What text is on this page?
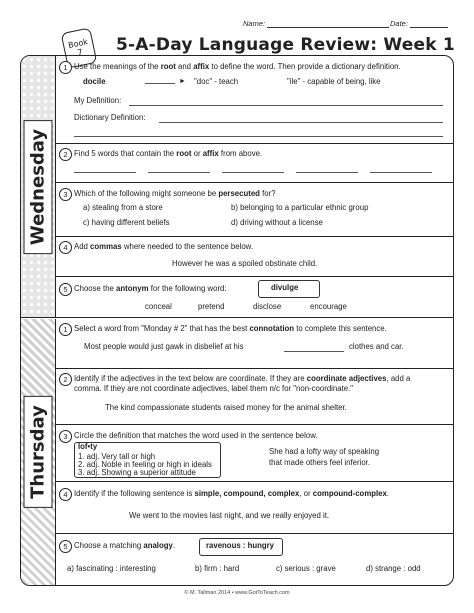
Name:	Date:
Book
7 5-A-Day Language Review: Week 1
Wednesday
Thursday
1 Use the meanings of the root and affix to define the word. Then provide a dictionary definition.
docile	► "doc" - teach	"ile" - capable of being, like
My Definition:
Dictionary Definition:
2 Find 5 words that contain the root or affix from above.
3 Which of the following might someone be persecuted for?
a) stealing from a store	b) belonging to a particular ethnic group
c) having different beliefs	d) driving without a license
4 Add commas where needed to the sentence below.
However he was a spoiled obstinate child.
5 Choose the antonym for the following word:	divulge
conceal	pretend	disclose	encourage
1 Select a word from "Monday # 2" that has the best connotation to complete this sentence.
Most people would just gawk in disbelief at his	clothes and car.
2 Identify if the adjectives in the text below are coordinate. If they are coordinate adjectives, add a
comma. If they are not coordinate adjectives, label them n/c for "non-coordinate."
The kind compassionate students raised money for the animal shelter.
3 Circle the definition that matches the word used in the sentence below.
lof•ty
1. adj. Very tall or high
2. adj. Noble in feeling or high in ideals
3. adj. Showing a superior attitude
She had a lofty way of speaking
that made others feel inferior.
4 Identify if the following sentence is simple, compound, complex, or compound-complex.
We went to the movies last night, and we really enjoyed it.
5 Choose a matching analogy.	ravenous : hungry
a) fascinating : interesting	b) firm : hard	c) serious : grave	d) strange : odd
© M. Tallman 2014 • www.GotToTeach.com
